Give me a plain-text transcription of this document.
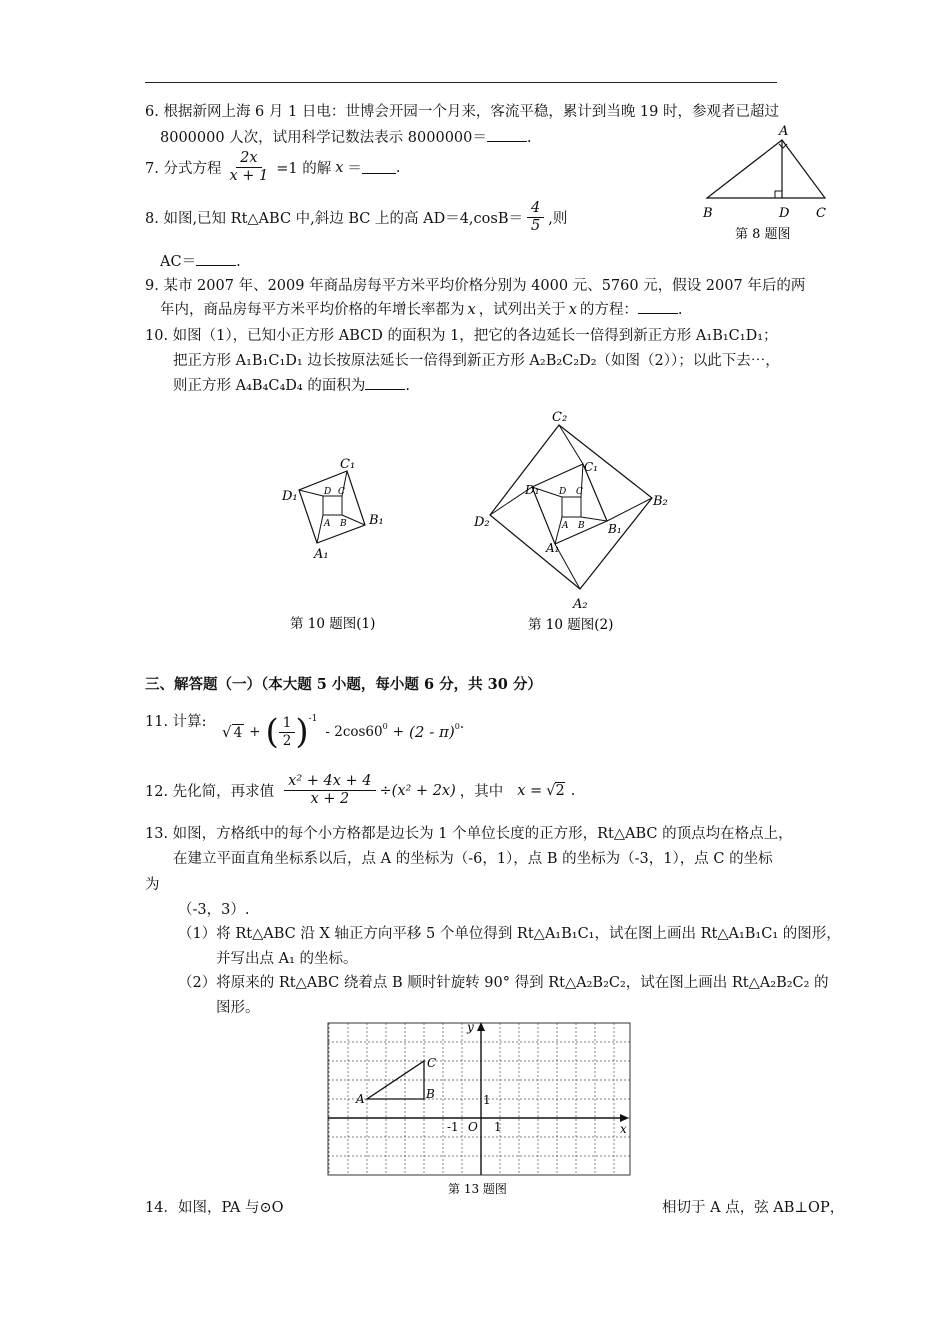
6. 根据新网上海 6 月 1 日电：世博会开园一个月来，客流平稳，累计到当晚 19 时，参观者已超过
8000000 人次，试用科学记数法表示 8000000＝	.
7. 分式方程 $\frac{2x}{x + 1} =1$ 的解 x ＝ .
8. 如图,已知 Rt△ABC 中,斜边 BC 上的高 $AD=4,\cos B= \frac{4}{5}$ ,则
AC＝	.
A
B	D C
第 8 题图
9. 某市 2007 年、2009 年商品房每平方米平均价格分别为 4000 元、5760 元，假设 2007 年后的两
年内，商品房每平方米平均价格的年增长率都为 x ，试列出关于 x 的方程：	.
10. 如图（1），已知小正方形 ABCD 的面积为 1，把它的各边延长一倍得到新正方形 A₁B₁C₁D₁；
把正方形 A₁B₁C₁D₁ 边长按原法延长一倍得到新正方形 A₂B₂C₂D₂（如图（2））；以此下去⋯，
则正方形 A₄B₄C₄D₄ 的面积为	.
C₁
D₁
B₁
A₁
D C
A B
第 10 题图(1)
C₂
B₂
D₂
A₂
C₁
D₁
B₁
A₁
D C
A B
第 10 题图(2)
三、解答题（一）（本大题 5 小题，每小题 6 分，共 30 分）
11. 计算:
√ 4 + ( $\frac{1}{2} )^{-1}$
- $2\cos 60^0 + (2 - \pi)^0$ .
12. 先化简，再求值 $\frac{\text{x² + 4x + 4}}{x + 2} \div(x^2 + 2x)$ ，其中 x = √ 2 .
13. 如图，方格纸中的每个小方格都是边长为 1 个单位长度的正方形，Rt△ABC 的顶点均在格点上，
在建立平面直角坐标系以后，点 A 的坐标为（-6，1），点 B 的坐标为（-3，1），点 C 的坐标
为
（-3，3）.
（1）将 Rt△ABC 沿 X 轴正方向平移 5 个单位得到 Rt△A₁B₁C₁，试在图上画出 Rt△A₁B₁C₁ 的图形，
并写出点 A₁ 的坐标。
（2）将原来的 Rt△ABC 绕着点 B 顺时针旋转 90° 得到 Rt△A₂B₂C₂，试在图上画出 Rt△A₂B₂C₂ 的
图形。
A	B
C
y
x
O 1
-1
1
第 13 题图
14．如图，PA 与⊙O	相切于 A 点，弦 AB⊥OP，
